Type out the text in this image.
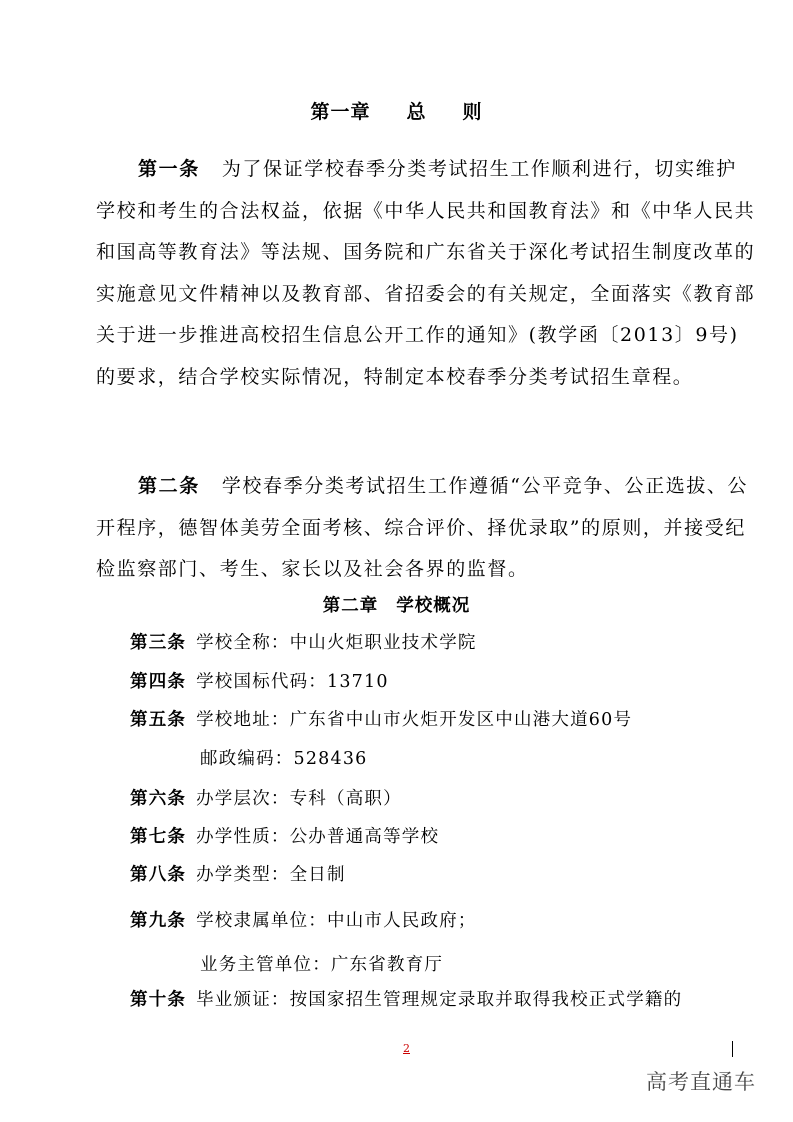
第一章 总 则

第一条 为了保证学校春季分类考试招生工作顺利进行，切实维护学校和考生的合法权益，依据《中华人民共和国教育法》和《中华人民共和国高等教育法》等法规、国务院和广东省关于深化考试招生制度改革的实施意见文件精神以及教育部、省招委会的有关规定，全面落实《教育部关于进一步推进高校招生信息公开工作的通知》(教学函〔2013〕9号)的要求，结合学校实际情况，特制定本校春季分类考试招生章程。

第二条 学校春季分类考试招生工作遵循“公平竞争、公正选拔、公开程序，德智体美劳全面考核、综合评价、择优录取”的原则，并接受纪检监察部门、考生、家长以及社会各界的监督。

第二章 学校概况
第三条 学校全称：中山火炬职业技术学院
第四条 学校国标代码：13710
第五条 学校地址：广东省中山市火炬开发区中山港大道60号
邮政编码：528436
第六条 办学层次：专科（高职）
第七条 办学性质：公办普通高等学校
第八条 办学类型：全日制
第九条 学校隶属单位：中山市人民政府；
业务主管单位：广东省教育厅
第十条 毕业颁证：按国家招生管理规定录取并取得我校正式学籍的
2
高考直通车
